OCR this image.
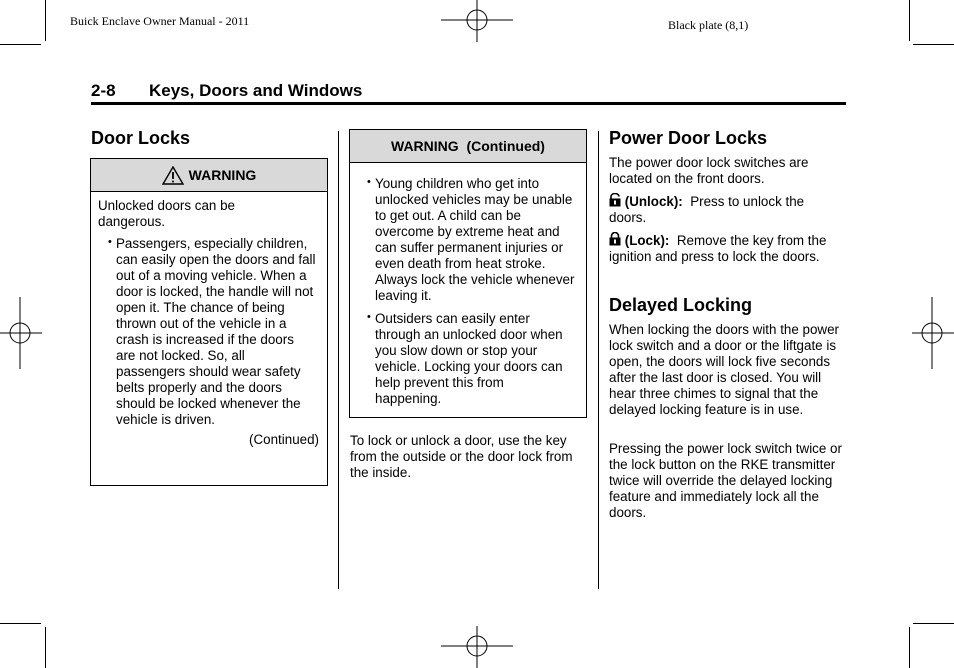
Buick Enclave Owner Manual - 2011	Black plate (8,1)
2-8 Keys, Doors and Windows
Door Locks
WARNING
Unlocked doors can be dangerous.
• Passengers, especially children, can easily open the doors and fall out of a moving vehicle. When a door is locked, the handle will not open it. The chance of being thrown out of the vehicle in a crash is increased if the doors are not locked. So, all passengers should wear safety belts properly and the doors should be locked whenever the vehicle is driven.
(Continued)
WARNING  (Continued)
• Young children who get into unlocked vehicles may be unable to get out. A child can be overcome by extreme heat and can suffer permanent injuries or even death from heat stroke. Always lock the vehicle whenever leaving it.
• Outsiders can easily enter through an unlocked door when you slow down or stop your vehicle. Locking your doors can help prevent this from happening.
To lock or unlock a door, use the key from the outside or the door lock from the inside.
Power Door Locks
The power door lock switches are located on the front doors.
(Unlock): Press to unlock the doors.
(Lock): Remove the key from the ignition and press to lock the doors.
Delayed Locking
When locking the doors with the power lock switch and a door or the liftgate is open, the doors will lock five seconds after the last door is closed. You will hear three chimes to signal that the delayed locking feature is in use.
Pressing the power lock switch twice or the lock button on the RKE transmitter twice will override the delayed locking feature and immediately lock all the doors.
